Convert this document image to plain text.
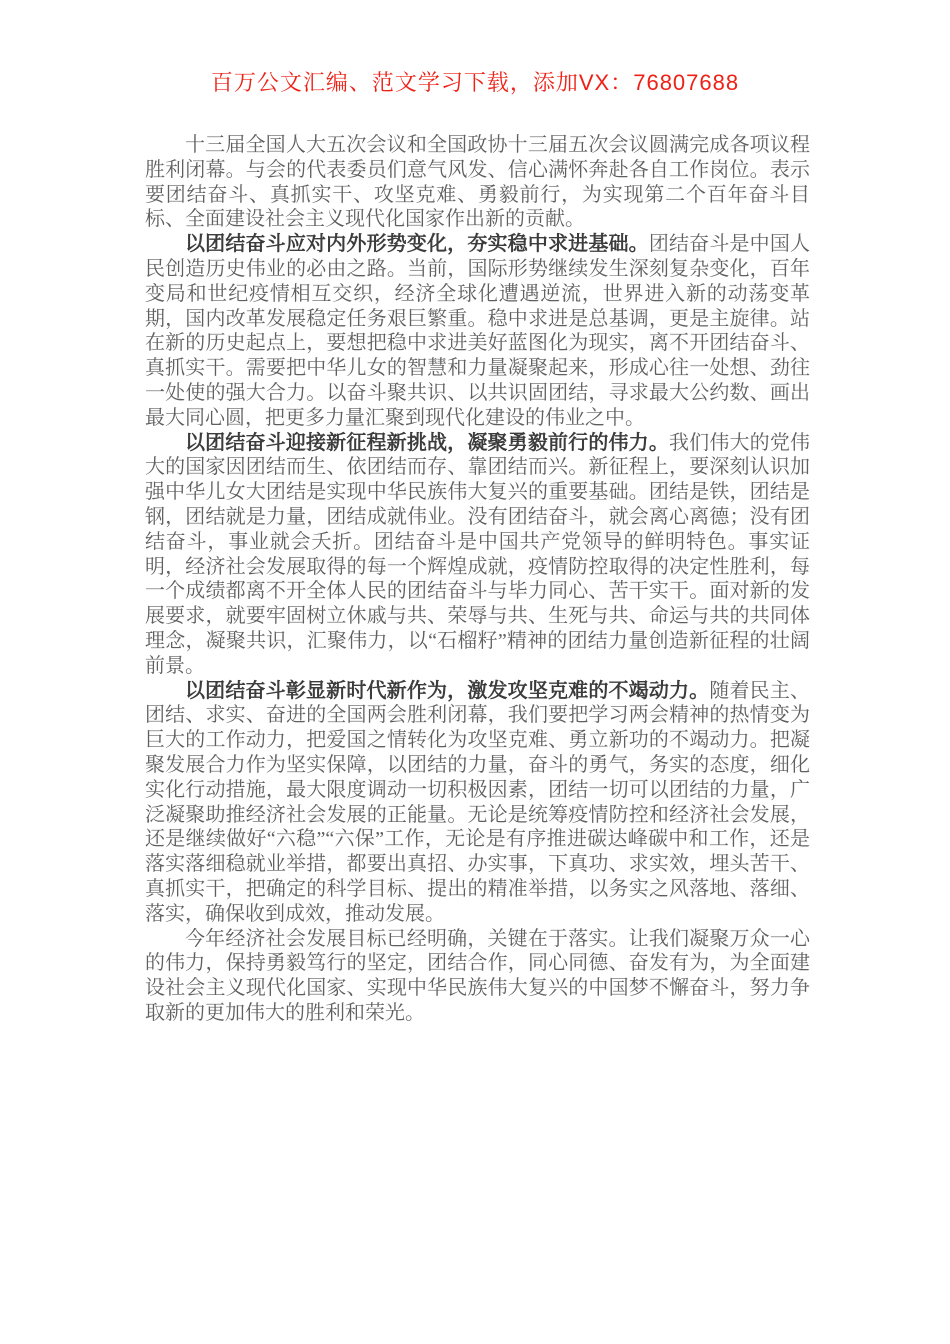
百万公文汇编、范文学习下载，添加VX：76807688

十三届全国人大五次会议和全国政协十三届五次会议圆满完成各项议程胜利闭幕。与会的代表委员们意气风发、信心满怀奔赴各自工作岗位。表示要团结奋斗、真抓实干、攻坚克难、勇毅前行，为实现第二个百年奋斗目标、全面建设社会主义现代化国家作出新的贡献。

以团结奋斗应对内外形势变化，夯实稳中求进基础。团结奋斗是中国人民创造历史伟业的必由之路。当前，国际形势继续发生深刻复杂变化，百年变局和世纪疫情相互交织，经济全球化遭遇逆流，世界进入新的动荡变革期，国内改革发展稳定任务艰巨繁重。稳中求进是总基调，更是主旋律。站在新的历史起点上，要想把稳中求进美好蓝图化为现实，离不开团结奋斗、真抓实干。需要把中华儿女的智慧和力量凝聚起来，形成心往一处想、劲往一处使的强大合力。以奋斗聚共识、以共识固团结，寻求最大公约数、画出最大同心圆，把更多力量汇聚到现代化建设的伟业之中。

以团结奋斗迎接新征程新挑战，凝聚勇毅前行的伟力。我们伟大的党伟大的国家因团结而生、依团结而存、靠团结而兴。新征程上，要深刻认识加强中华儿女大团结是实现中华民族伟大复兴的重要基础。团结是铁，团结是钢，团结就是力量，团结成就伟业。没有团结奋斗，就会离心离德；没有团结奋斗，事业就会夭折。团结奋斗是中国共产党领导的鲜明特色。事实证明，经济社会发展取得的每一个辉煌成就，疫情防控取得的决定性胜利，每一个成绩都离不开全体人民的团结奋斗与毕力同心、苦干实干。面对新的发展要求，就要牢固树立休戚与共、荣辱与共、生死与共、命运与共的共同体理念，凝聚共识，汇聚伟力，以“石榴籽”精神的团结力量创造新征程的壮阔前景。

以团结奋斗彰显新时代新作为，激发攻坚克难的不竭动力。随着民主、团结、求实、奋进的全国两会胜利闭幕，我们要把学习两会精神的热情变为巨大的工作动力，把爱国之情转化为攻坚克难、勇立新功的不竭动力。把凝聚发展合力作为坚实保障，以团结的力量，奋斗的勇气，务实的态度，细化实化行动措施，最大限度调动一切积极因素，团结一切可以团结的力量，广泛凝聚助推经济社会发展的正能量。无论是统筹疫情防控和经济社会发展，还是继续做好“六稳”“六保”工作，无论是有序推进碳达峰碳中和工作，还是落实落细稳就业举措，都要出真招、办实事，下真功、求实效，埋头苦干、真抓实干，把确定的科学目标、提出的精准举措，以务实之风落地、落细、落实，确保收到成效，推动发展。

今年经济社会发展目标已经明确，关键在于落实。让我们凝聚万众一心的伟力，保持勇毅笃行的坚定，团结合作，同心同德、奋发有为，为全面建设社会主义现代化国家、实现中华民族伟大复兴的中国梦不懈奋斗，努力争取新的更加伟大的胜利和荣光。
